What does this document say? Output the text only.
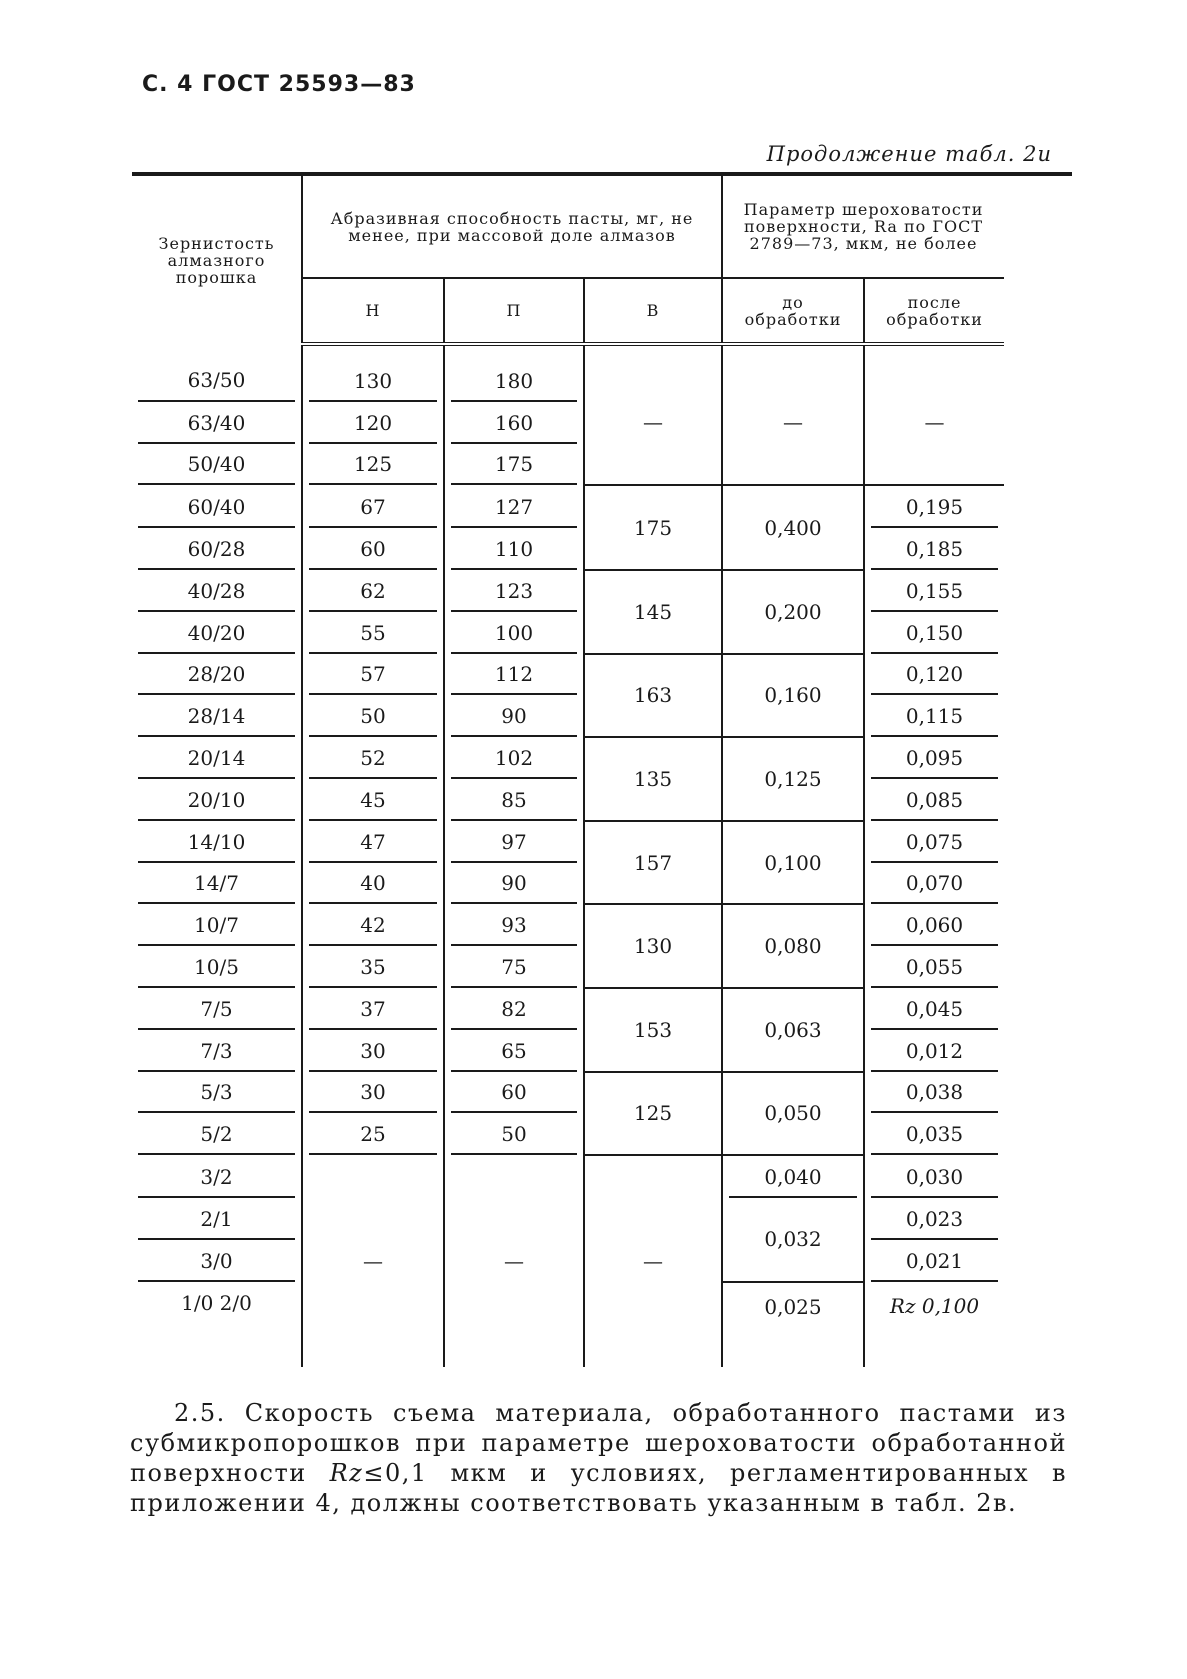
С. 4 ГОСТ 25593—83
Продолжение табл. 2и
Зернистость алмазного порошка	Абразивная способность пасты, мг, не менее, при массовой доле алмазов			Параметр шероховатости поверхности, Ra по ГОСТ 2789—73, мкм, не более		
	Н	П	В	до обработки	после обработки	
63/50	130	180	—	—	—	
63/40	120	160				
50/40	125	175				
60/40	67	127	175	0,400	0,195	
60/28	60	110			0,185	
40/28	62	123	145	0,200	0,155	
40/20	55	100			0,150	
28/20	57	112	163	0,160	0,120	
28/14	50	90			0,115	
20/14	52	102	135	0,125	0,095	
20/10	45	85			0,085	
14/10	47	97	157	0,100	0,075	
14/7	40	90			0,070	
10/7	42	93	130	0,080	0,060	
10/5	35	75			0,055	
7/5	37	82	153	0,063	0,045	
7/3	30	65			0,012	
5/3	30	60	125	0,050	0,038	
5/2	25	50			0,035	
3/2	—	—	—	0,040	0,030	
2/1				0,032	0,023	
3/0					0,021	
1/0 2/0				0,025	Rz 0,100	
2.5. Скорость съема материала, обработанного пастами из субмикропорошков при параметре шероховатости обработанной поверхности Rz≤0,1 мкм и условиях, регламентированных в приложении 4, должны соответствовать указанным в табл. 2в.
